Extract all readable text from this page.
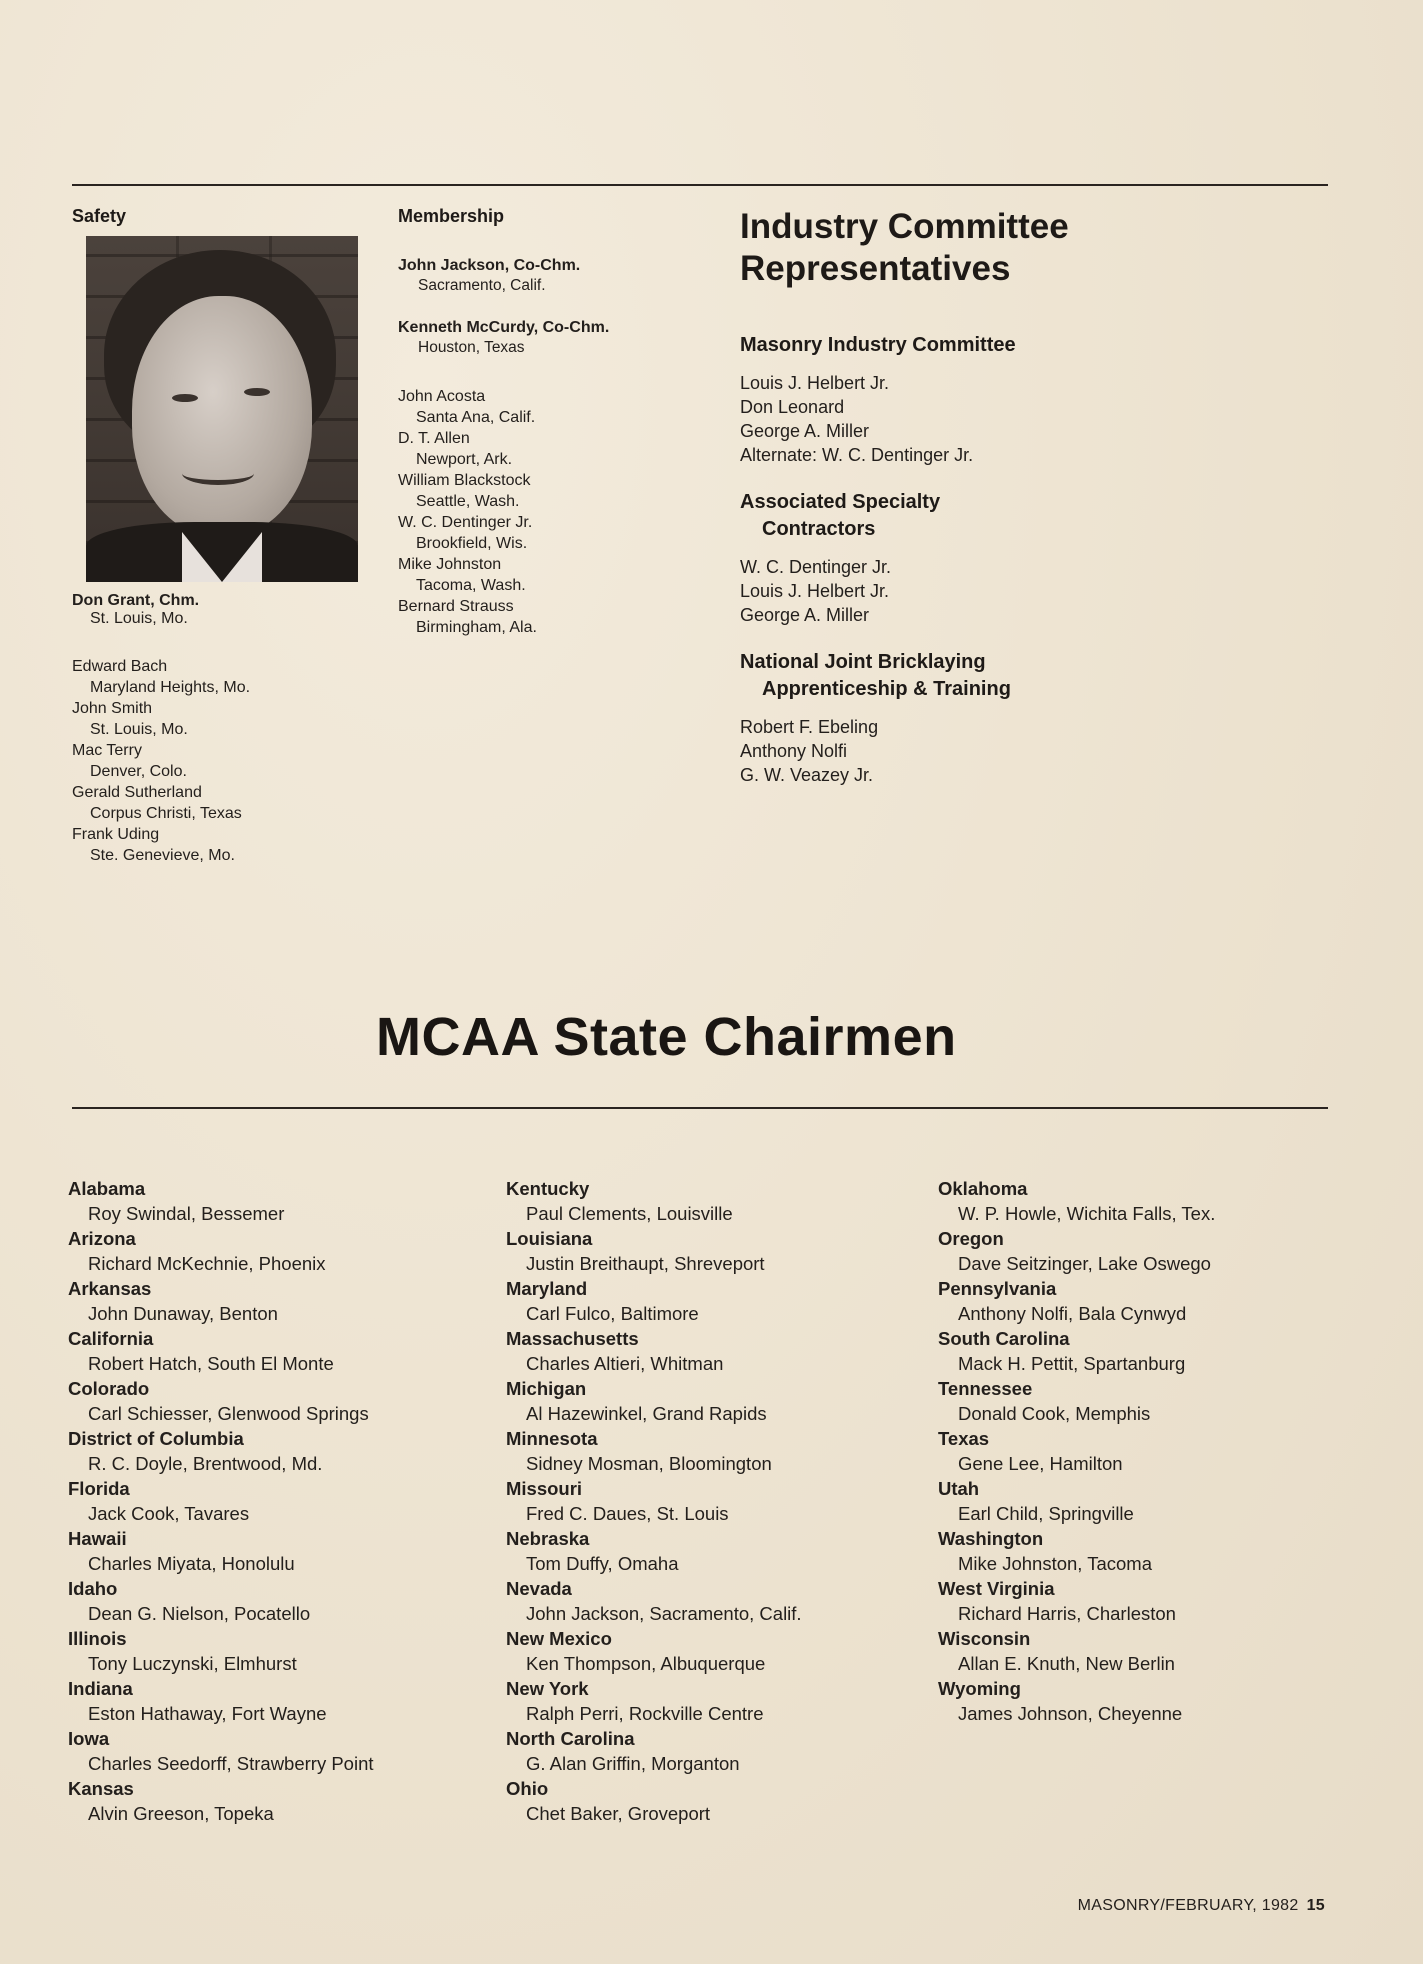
Safety
Don Grant, Chm.
St. Louis, Mo.
Edward Bach
Maryland Heights, Mo.
John Smith
St. Louis, Mo.
Mac Terry
Denver, Colo.
Gerald Sutherland
Corpus Christi, Texas
Frank Uding
Ste. Genevieve, Mo.
Membership
John Jackson, Co-Chm.
Sacramento, Calif.
Kenneth McCurdy, Co-Chm.
Houston, Texas
John Acosta
Santa Ana, Calif.
D. T. Allen
Newport, Ark.
William Blackstock
Seattle, Wash.
W. C. Dentinger Jr.
Brookfield, Wis.
Mike Johnston
Tacoma, Wash.
Bernard Strauss
Birmingham, Ala.
Industry Committee
Representatives
Masonry Industry Committee
Louis J. Helbert Jr.
Don Leonard
George A. Miller
Alternate: W. C. Dentinger Jr.
Associated Specialty
Contractors
W. C. Dentinger Jr.
Louis J. Helbert Jr.
George A. Miller
National Joint Bricklaying
Apprenticeship & Training
Robert F. Ebeling
Anthony Nolfi
G. W. Veazey Jr.
MCAA State Chairmen
Alabama
Roy Swindal, Bessemer
Arizona
Richard McKechnie, Phoenix
Arkansas
John Dunaway, Benton
California
Robert Hatch, South El Monte
Colorado
Carl Schiesser, Glenwood Springs
District of Columbia
R. C. Doyle, Brentwood, Md.
Florida
Jack Cook, Tavares
Hawaii
Charles Miyata, Honolulu
Idaho
Dean G. Nielson, Pocatello
Illinois
Tony Luczynski, Elmhurst
Indiana
Eston Hathaway, Fort Wayne
Iowa
Charles Seedorff, Strawberry Point
Kansas
Alvin Greeson, Topeka
Kentucky
Paul Clements, Louisville
Louisiana
Justin Breithaupt, Shreveport
Maryland
Carl Fulco, Baltimore
Massachusetts
Charles Altieri, Whitman
Michigan
Al Hazewinkel, Grand Rapids
Minnesota
Sidney Mosman, Bloomington
Missouri
Fred C. Daues, St. Louis
Nebraska
Tom Duffy, Omaha
Nevada
John Jackson, Sacramento, Calif.
New Mexico
Ken Thompson, Albuquerque
New York
Ralph Perri, Rockville Centre
North Carolina
G. Alan Griffin, Morganton
Ohio
Chet Baker, Groveport
Oklahoma
W. P. Howle, Wichita Falls, Tex.
Oregon
Dave Seitzinger, Lake Oswego
Pennsylvania
Anthony Nolfi, Bala Cynwyd
South Carolina
Mack H. Pettit, Spartanburg
Tennessee
Donald Cook, Memphis
Texas
Gene Lee, Hamilton
Utah
Earl Child, Springville
Washington
Mike Johnston, Tacoma
West Virginia
Richard Harris, Charleston
Wisconsin
Allan E. Knuth, New Berlin
Wyoming
James Johnson, Cheyenne
MASONRY/FEBRUARY, 1982 15
